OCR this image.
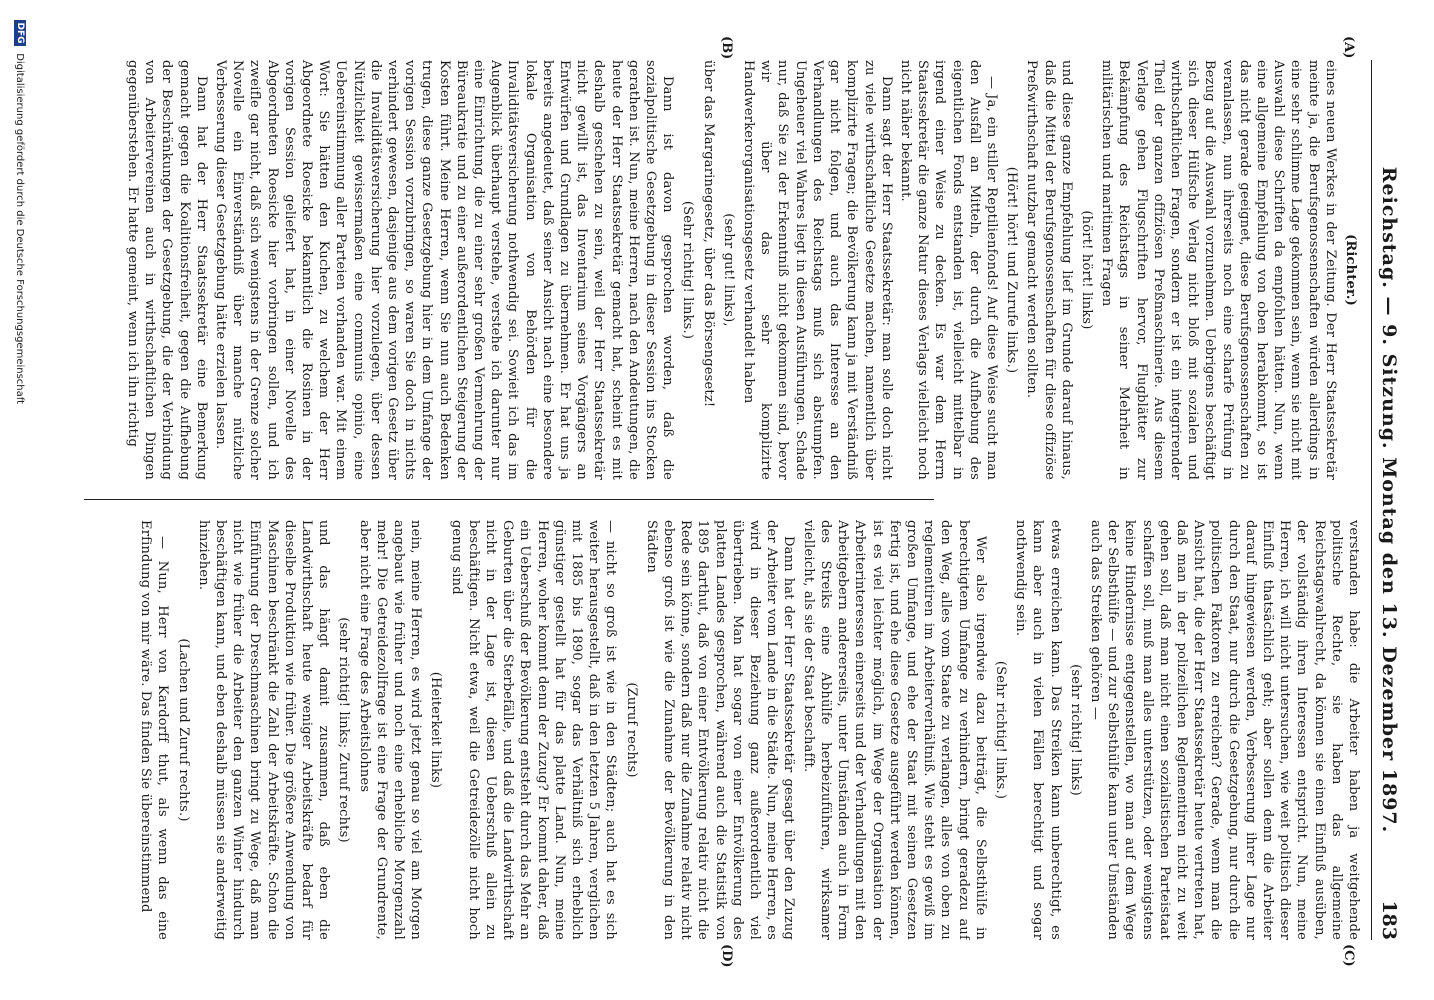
Reichstag. — 9. Sitzung. Montag den 13. Dezember 1897.
183
(A)
(B)
(C)
(D)

(Richter.)

eines neuen Werkes in der Zeitung. Der Herr Staatssekretär meinte ja, die Berufsgenossenschaften würden allerdings in eine sehr schlimme Lage gekommen sein, wenn sie nicht mit Auswahl diese Schriften da empfohlen hätten. Nun, wenn eine allgemeine Empfehlung von oben herabkommt, so ist das nicht gerade geeignet, diese Berufsgenossenschaften zu veranlassen, nun ihrerseits noch eine scharfe Prüfung in Bezug auf die Auswahl vorzunehmen. Uebrigens beschäftigt sich dieser Hülfsche Verlag nicht bloß mit sozialen und wirthschaftlichen Fragen, sondern er ist ein integrirender Theil der ganzen offiziösen Preßmaschinerie. Aus diesem Verlage gehen Flugschriften hervor, Flugblätter zur Bekämpfung des Reichstags in seiner Mehrheit in militärischen und maritimen Fragen

(hört! hört! links)

und diese ganze Empfehlung lief im Grunde darauf hinaus, daß die Mittel der Berufsgenossenschaften für diese offiziöse Preßwirthschaft nutzbar gemacht werden sollten.

(Hört! hört! und Zurufe links.)

— Ja, ein stiller Reptilienfonds! Auf diese Weise sucht man den Ausfall an Mitteln, der durch die Aufhebung des eigentlichen Fonds entstanden ist, vielleicht mittelbar in irgend einer Weise zu decken. Es war dem Herrn Staatssekretär die ganze Natur dieses Verlags vielleicht noch nicht näher bekannt.

Dann sagt der Herr Staatssekretär: man solle doch nicht zu viele wirthschaftliche Gesetze machen, namentlich über komplizirte Fragen; die Bevölkerung kann ja mit Verständniß gar nicht folgen, und auch das Interesse an den Verhandlungen des Reichstags muß sich abstumpfen. Ungeheuer viel Wahres liegt in diesen Ausführungen. Schade nur, daß Sie zu der Erkenntniß nicht gekommen sind, bevor wir über das sehr komplizirte Handwerkerorganisationsgesetz verhandelt haben

(sehr gut! links),

über das Margarinegesetz, über das Börsengesetz!

(Sehr richtig! links.)

Dann ist davon gesprochen worden, daß die sozialpolitische Gesetzgebung in dieser Session ins Stocken gerathen ist. Nun, meine Herren, nach den Andeutungen, die heute der Herr Staatssekretär gemacht hat, scheint es mit deshalb geschehen zu sein, weil der Herr Staatssekretär nicht gewillt ist, das Inventarium seines Vorgängers an Entwürfen und Grundlagen zu übernehmen. Er hat uns ja bereits angedeutet, daß seiner Ansicht nach eine besondere lokale Organisation von Behörden für die Invaliditätsversicherung nothwendig sei. Sowieit ich das im Augenblick überhaupt verstehe, verstehe ich darunter nur eine Einrichtung, die zu einer sehr großen Vermehrung der Büreaukratie und zu einer außerordentlichen Steigerung der Kosten führt. Meine Herren, wenn Sie nun auch Bedenken trugen, diese ganze Gesetzgebung hier in dem Umfange der vorigen Session vorzubringen, so waren Sie doch in nichts verhindert gewesen, dasjenige aus dem vorigen Gesetz über die Invaliditätsversicherung hier vorzulegen, über dessen Nützlichkeit gewissermaßen eine communis opinio, eine Uebereinstimmung aller Parteien vorhanden war. Mit einem Wort: Sie hätten den Kuchen, zu welchem der Herr Abgeordnete Roesicke bekanntlich die Rosinen in der vorigen Session geliefert hat, in einer Novelle des Abgeordneten Roesicke hier vorbringen sollen, und ich zweifle gar nicht, daß sich wenigstens in der Grenze solcher Novelle ein Einverständniß über manche nützliche Verbesserung dieser Gesetzgebung hätte erzielen lassen.

Dann hat der Herr Staatssekretär eine Bemerkung gemacht gegen die Koalitionsfreiheit, gegen die Aufhebung der Beschränkungen der Gesetzgebung, die der Verbindung von Arbeitervereinen auch in wirthschaftlichen Dingen gegenüberstehen. Er hatte gemeint, wenn ich ihn richtig

verstanden habe: die Arbeiter haben ja weitgehende politische Rechte, sie haben das allgemeine Reichstagswahlrecht, da können sie einen Einfluß ausüben, der vollständig ihren Interessen entspricht. Nun, meine Herren, ich will nicht untersuchen, wie weit politisch dieser Einfluß thatsächlich geht; aber sollen denn die Arbeiter darauf hingewiesen werden, Verbesserung ihrer Lage nur durch den Staat, nur durch die Gesetzgebung, nur durch die politischen Faktoren zu erreichen? Gerade, wenn man die Ansicht hat, die der Herr Staatssekretär heute vertreten hat, daß man in der polizeilichen Reglementiren nicht zu weit gehen soll, daß man nicht einen sozialistischen Parteistaat schaffen soll, muß man alles unterstützen, oder wenigstens keine Hindernisse entgegenstellen, wo man auf dem Wege der Selbsthülfe — und zur Selbsthülfe kann unter Umständen auch das Streiken gehören —

(sehr richtig! links)

etwas erreichen kann. Das Streiken kann unberechtigt, es kann aber auch in vielen Fällen berechtigt und sogar nothwendig sein.

(Sehr richtig! links.)

Wer also irgendwie dazu beiträgt, die Selbsthülfe in berechtigtem Umfange zu verhindern, bringt geradezu auf den Weg, alles vom Staate zu verlangen, alles von oben zu reglementiren im Arbeiterverhältniß. Wie steht es gewiß im großen Umfange, und ehe der Staat mit seinen Gesetzen fertig ist, und ehe diese Gesetze ausgeführt werden können, ist es viel leichter möglich, im Wege der Organisation der Arbeiterinteressen einerseits und der Verhandlungen mit den Arbeitgebern andererseits, unter Umständen auch in Form des Streiks eine Abhülfe herbeizuführen, wirksamer vielleicht, als sie der Staat beschafft.

Dann hat der Herr Staatssekretär gesagt über den Zuzug der Arbeiter vom Lande in die Städte. Nun, meine Herren, es wird in dieser Beziehung ganz außerordentlich viel übertrieben. Man hat sogar von einer Entvölkerung des platten Landes gesprochen, während auch die Statistik von 1895 darthut, daß von einer Entvölkerung relativ nicht die Rede sein könne, sondern daß nur die Zunahme relativ nicht ebenso groß ist wie die Zunahme der Bevölkerung in den Städten

(Zuruf rechts)

— nicht so groß ist wie in den Städten; auch hat es sich weiter herausgestellt, daß in den letzten 5 Jahren, verglichen mit 1885 bis 1890, sogar das Verhältniß sich erheblich günstiger gestellt hat für das platte Land. Nun, meine Herren, woher kommt denn der Zuzug? Er kommt daher, daß ein Ueberschuß der Bevölkerung entsteht durch das Mehr an Geburten über die Sterbefälle, und daß die Landwirthschaft nicht in der Lage ist, diesen Ueberschuß allein zu beschäftigen. Nicht etwa, weil die Getreidezölle nicht hoch genug sind

(Heiterkeit links)

nein, meine Herren, es wird jetzt genau so viel am Morgen angebaut wie früher und noch eine erhebliche Morgenzahl mehr! Die Getreidezollfrage ist eine Frage der Grundrente, aber nicht eine Frage des Arbeitslohnes

(sehr richtig! links; Zuruf rechts)

und das hängt damit zusammen, daß eben die Landwirthschaft heute weniger Arbeitskräfte bedarf für dieselbe Produktion wie früher. Die größere Anwendung von Maschinen beschränkt die Zahl der Arbeitskräfte. Schon die Einführung der Dreschmaschinen bringt zu Wege, daß man nicht wie früher die Arbeiter den ganzen Winter hindurch beschäftigen kann, und eben deshalb müssen sie anderweitig hinziehen.

(Lachen und Zuruf rechts.)

— Nun, Herr von Kardorff thut, als wenn das eine Erfindung von mir wäre. Das finden Sie übereinstimmend

DFG Digitalisierung gefördert durch die Deutsche Forschungsgemeinschaft
